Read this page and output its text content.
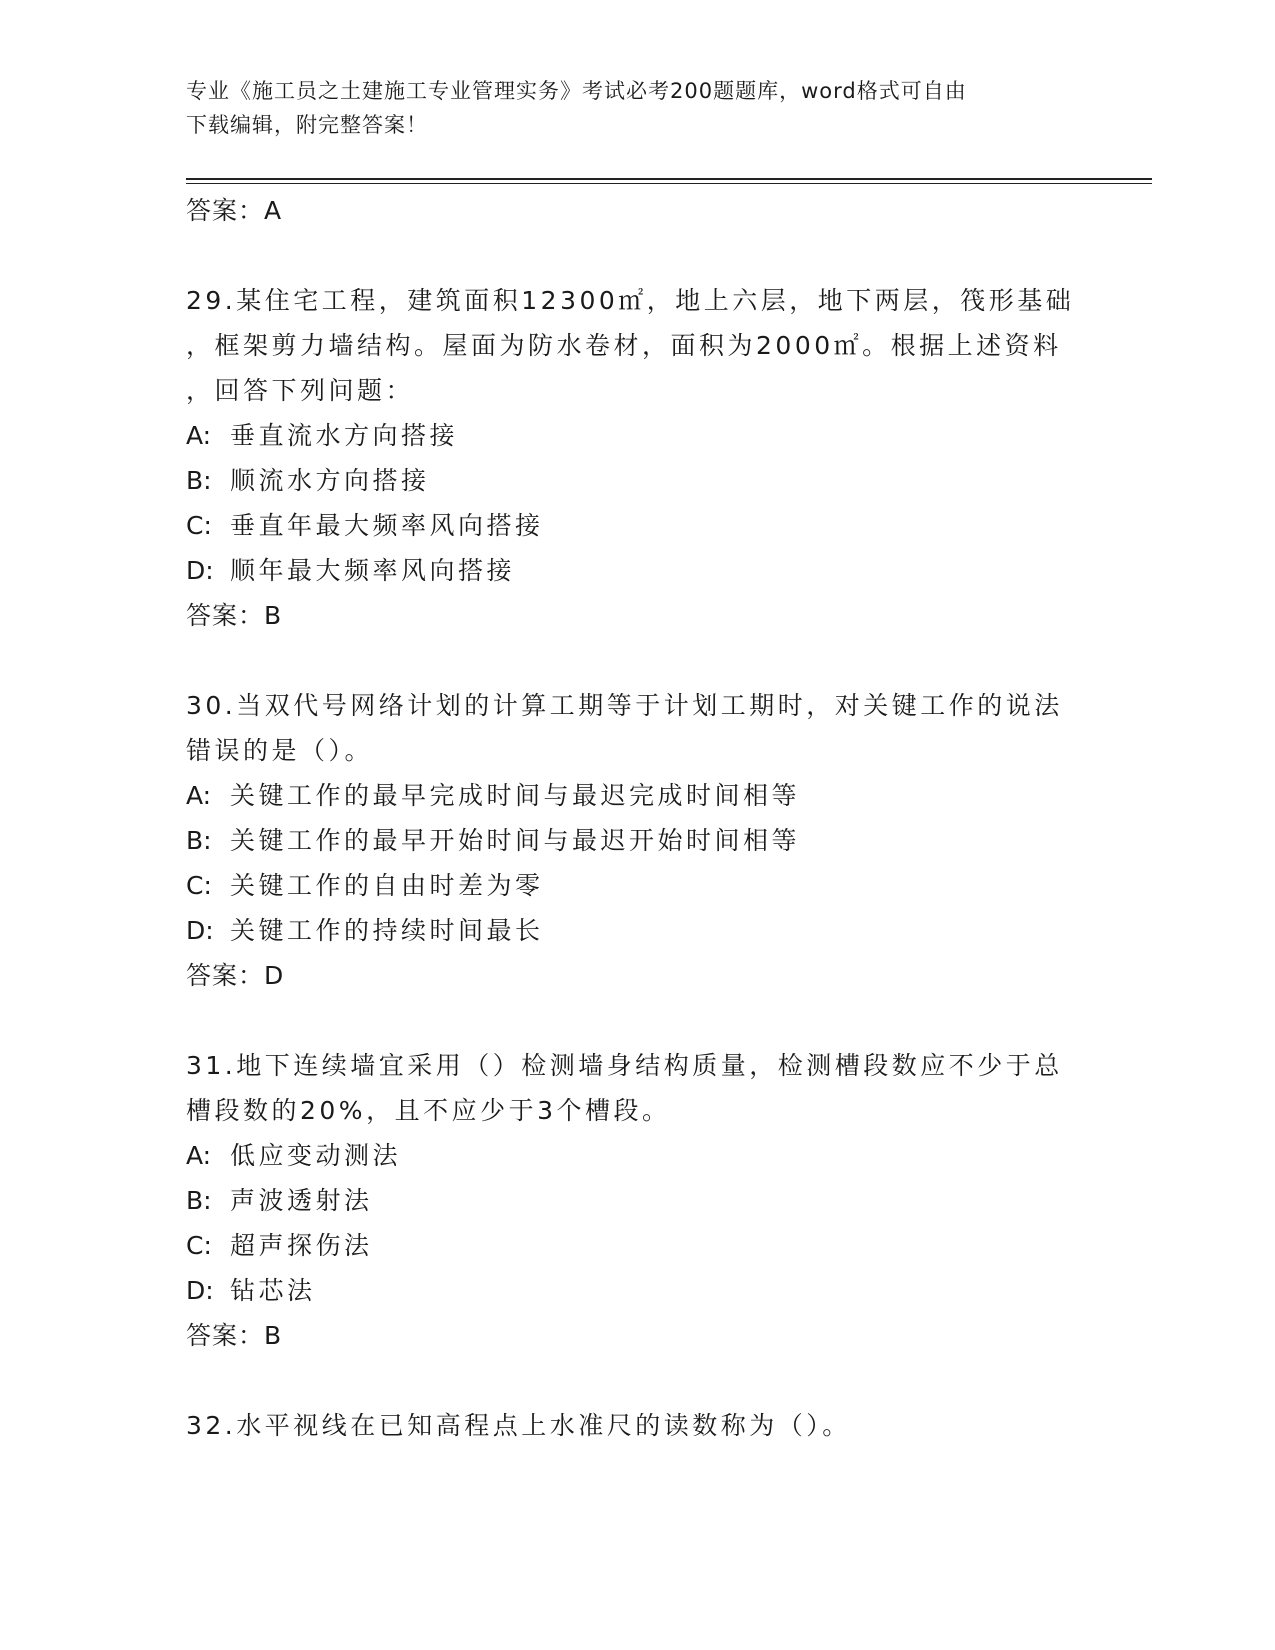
专业《施工员之土建施工专业管理实务》考试必考200题题库，word格式可自由
下载编辑，附完整答案！
答案：A
29.某住宅工程，建筑面积12300㎡，地上六层，地下两层，筏形基础
，框架剪力墙结构。屋面为防水卷材，面积为2000㎡。根据上述资料
，回答下列问题：
A: 垂直流水方向搭接
B: 顺流水方向搭接
C: 垂直年最大频率风向搭接
D: 顺年最大频率风向搭接
答案：B
30.当双代号网络计划的计算工期等于计划工期时，对关键工作的说法
错误的是（）。
A: 关键工作的最早完成时间与最迟完成时间相等
B: 关键工作的最早开始时间与最迟开始时间相等
C: 关键工作的自由时差为零
D: 关键工作的持续时间最长
答案：D
31.地下连续墙宜采用（）检测墙身结构质量，检测槽段数应不少于总
槽段数的20%，且不应少于3个槽段。
A: 低应变动测法
B: 声波透射法
C: 超声探伤法
D: 钻芯法
答案：B
32.水平视线在已知高程点上水准尺的读数称为（）。
